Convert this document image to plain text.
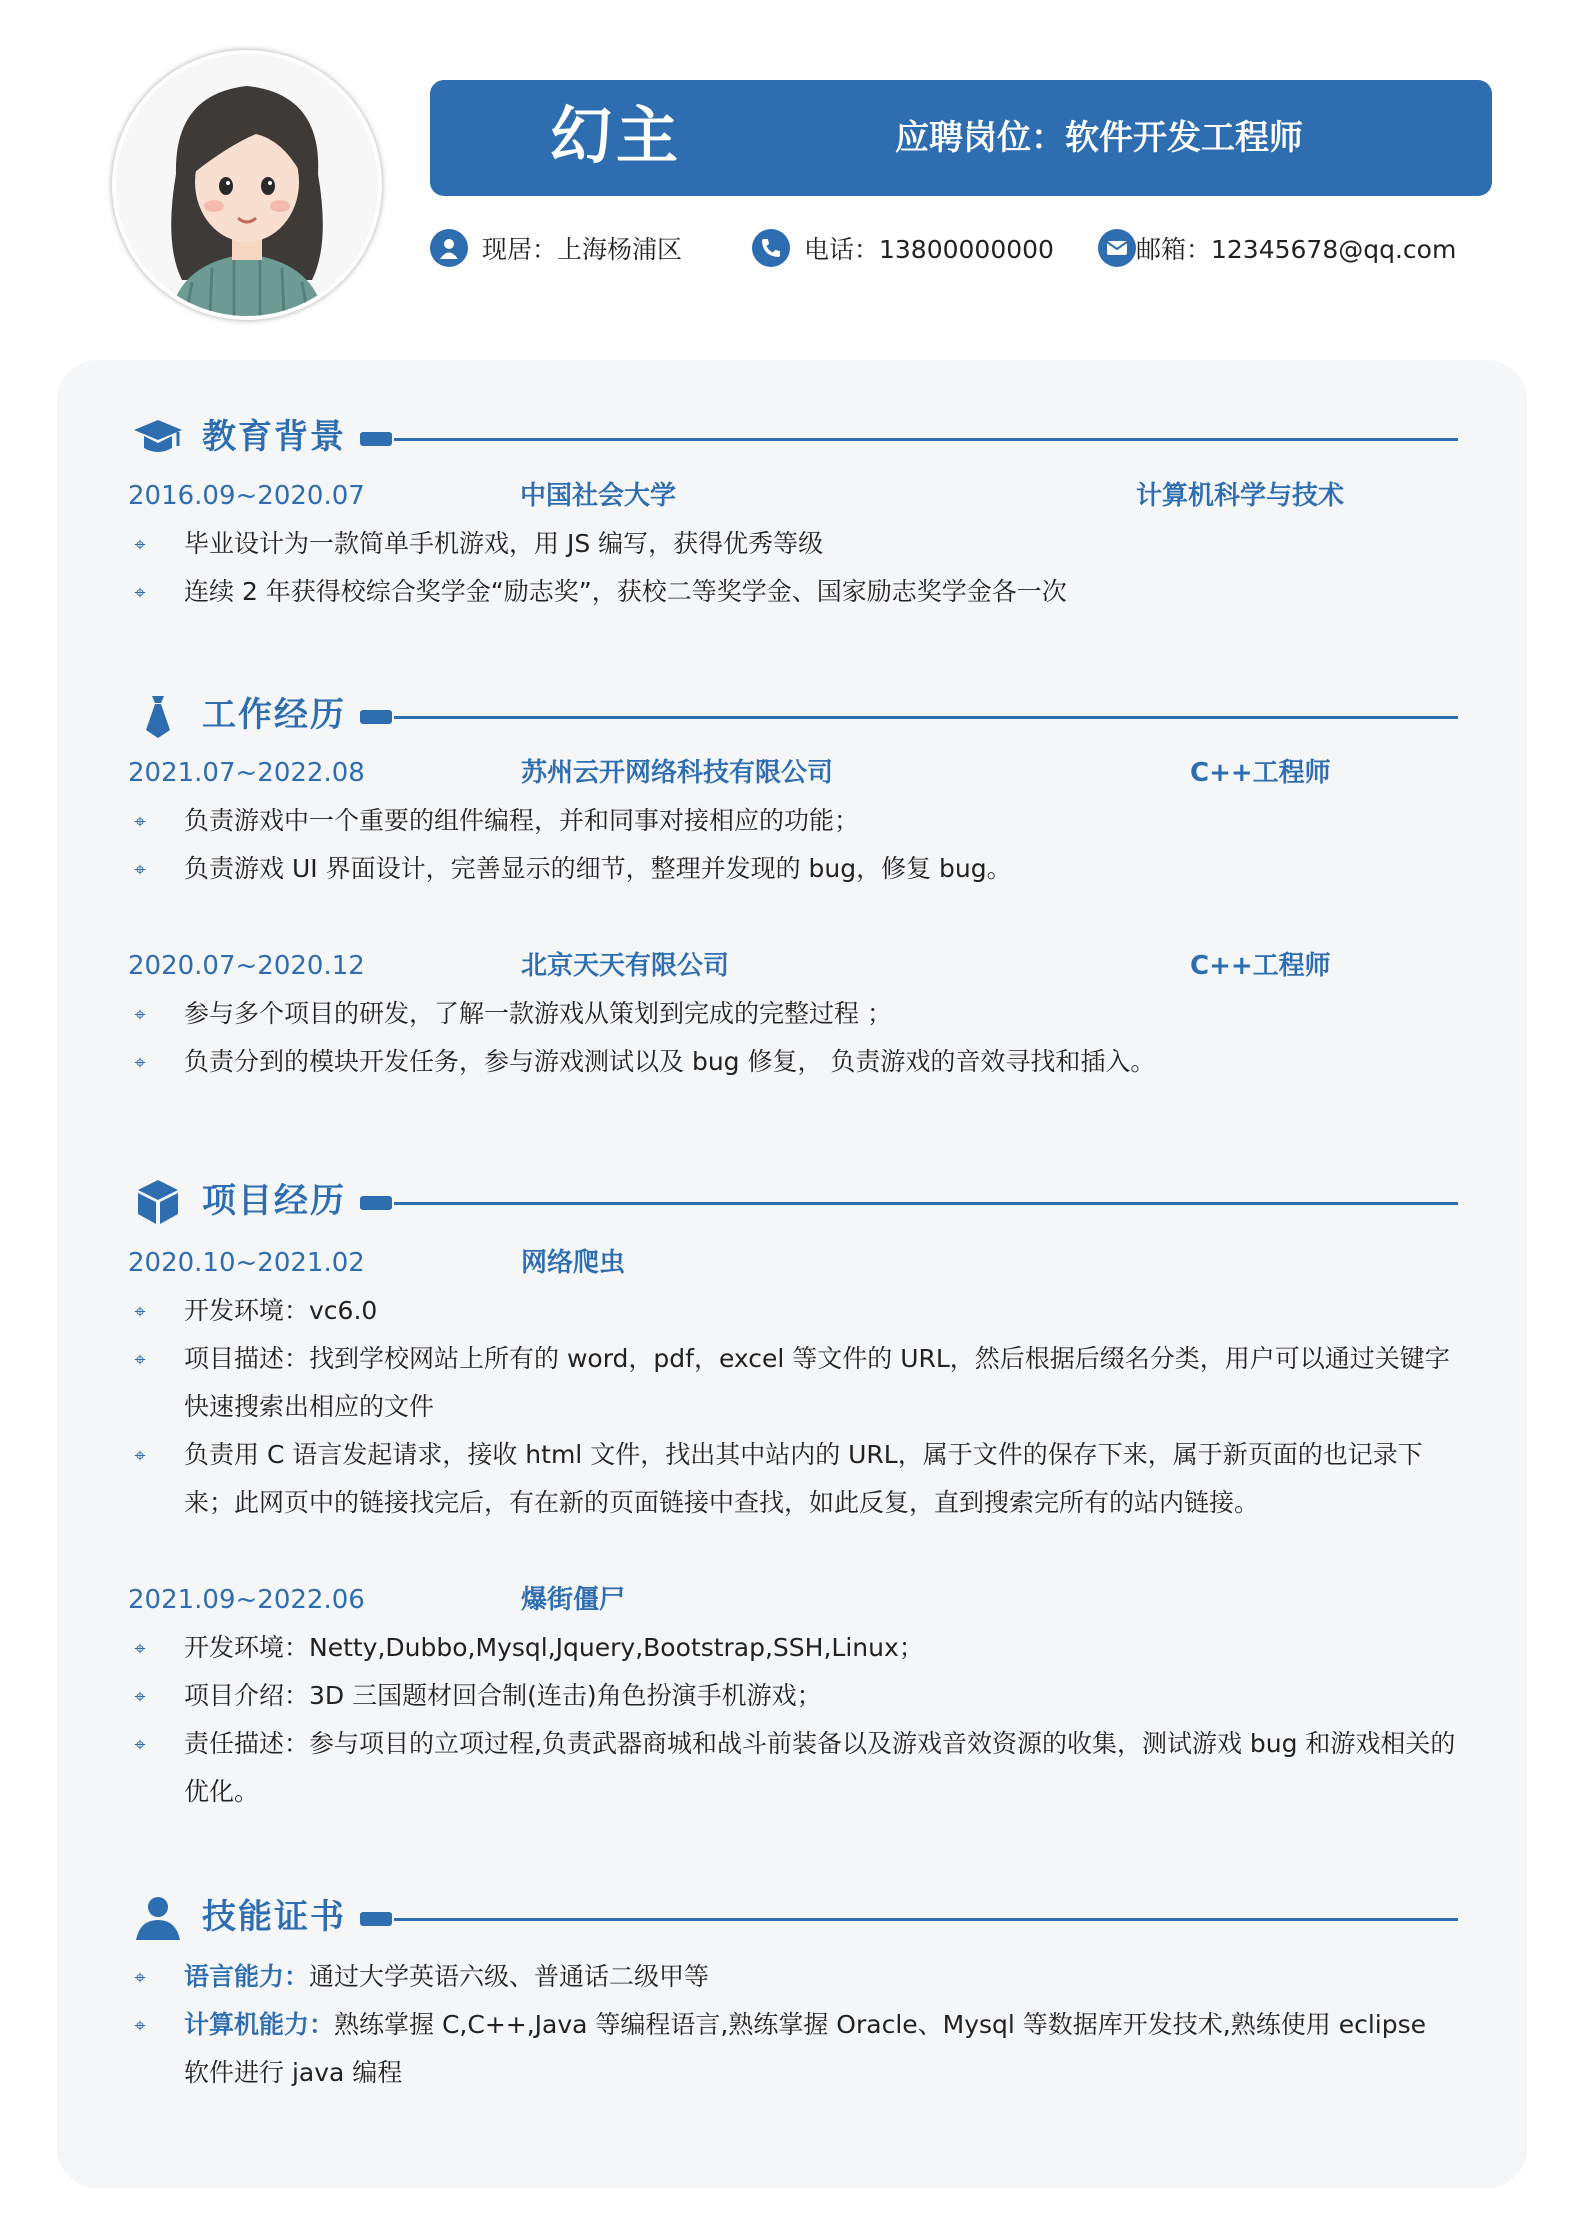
幻主	应聘岗位：软件开发工程师
现居：上海杨浦区	电话：13800000000	邮箱：12345678@qq.com
教育背景
2016.09~2020.07	中国社会大学	计算机科学与技术
⌖ 毕业设计为一款简单手机游戏，用 JS 编写，获得优秀等级
⌖ 连续 2 年获得校综合奖学金“励志奖”，获校二等奖学金、国家励志奖学金各一次
工作经历
2021.07~2022.08	苏州云开网络科技有限公司	C++工程师
⌖ 负责游戏中一个重要的组件编程，并和同事对接相应的功能；
⌖ 负责游戏 UI 界面设计，完善显示的细节，整理并发现的 bug，修复 bug。
2020.07~2020.12	北京天天有限公司	C++工程师
⌖ 参与多个项目的研发，了解一款游戏从策划到完成的完整过程 ；
⌖ 负责分到的模块开发任务，参与游戏测试以及 bug 修复， 负责游戏的音效寻找和插入。
项目经历
2020.10~2021.02	网络爬虫
⌖ 开发环境：vc6.0
⌖ 项目描述：找到学校网站上所有的 word，pdf，excel 等文件的 URL，然后根据后缀名分类，用户可以通过关键字快速搜索出相应的文件
⌖ 负责用 C 语言发起请求，接收 html 文件，找出其中站内的 URL，属于文件的保存下来，属于新页面的也记录下来；此网页中的链接找完后，有在新的页面链接中查找，如此反复，直到搜索完所有的站内链接。
2021.09~2022.06	爆街僵尸
⌖ 开发环境：Netty,Dubbo,Mysql,Jquery,Bootstrap,SSH,Linux；
⌖ 项目介绍：3D 三国题材回合制(连击)角色扮演手机游戏；
⌖ 责任描述：参与项目的立项过程,负责武器商城和战斗前装备以及游戏音效资源的收集，测试游戏 bug 和游戏相关的优化。
技能证书
⌖ 语言能力：通过大学英语六级、普通话二级甲等
⌖ 计算机能力：熟练掌握 C,C++,Java 等编程语言,熟练掌握 Oracle、Mysql 等数据库开发技术,熟练使用 eclipse 软件进行 java 编程
